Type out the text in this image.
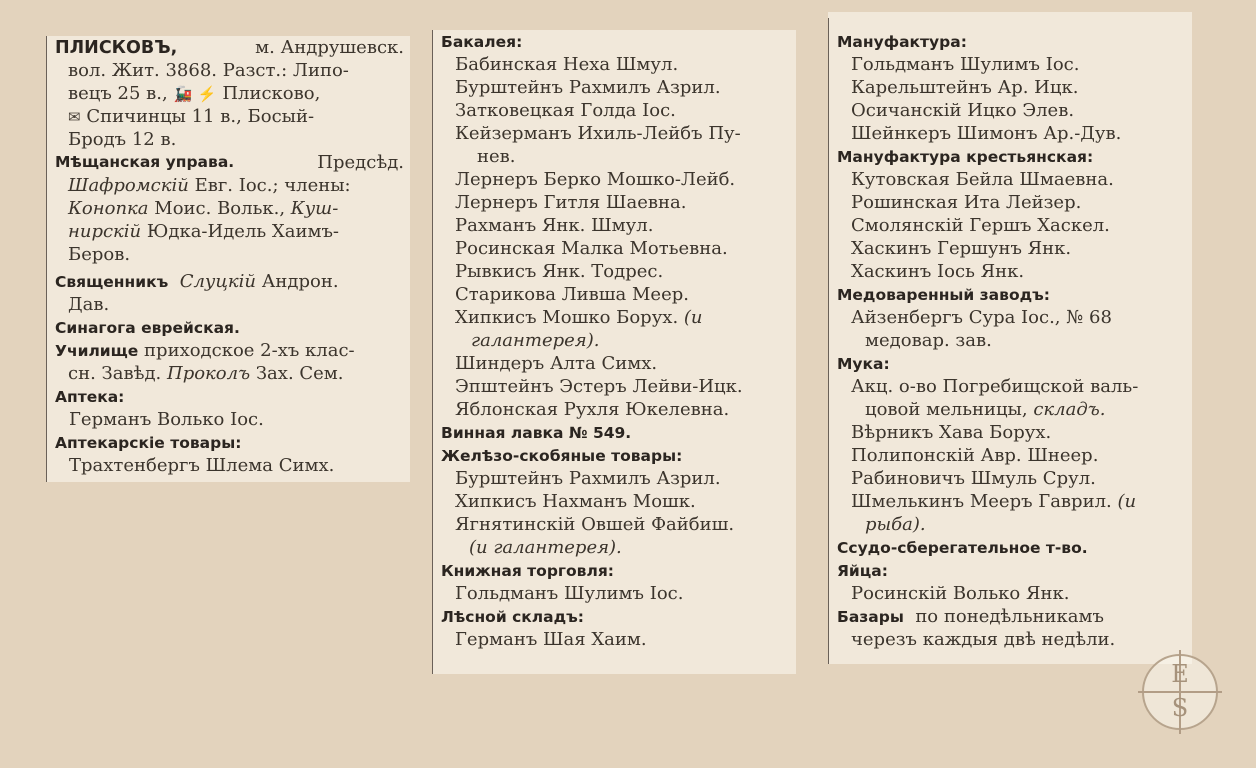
ПЛИСКОВЪ,	м. Андрушевск.
вол. Жит. 3868. Разст.: Липо-
вецъ 25 в., 🚂 ⚡ Плисково,
✉ Спичинцы 11 в., Босый-
Бродъ 12 в.
Мѣщанская управа.	Предсѣд.
Шафромскій Евг. Іос.; члены:
Конопка Моис. Вольк., Куш-
нирскій Юдка-Идель Хаимъ-
Беров.
Священникъ Слуцкій Андрон.
Дав.
Синагога еврейская.
Училище приходское 2-хъ клас-
сн. Завѣд. Проколъ Зах. Сем.
Аптека:
Германъ Волько Іос.
Аптекарскіе товары:
Трахтенбергъ Шлема Симх.
Бакалея:
Бабинская Неха Шмул.
Бурштейнъ Рахмилъ Азрил.
Затковецкая Голда Іос.
Кейзерманъ Ихиль-Лейбъ Пу-
нев.
Лернеръ Берко Мошко-Лейб.
Лернеръ Гитля Шаевна.
Рахманъ Янк. Шмул.
Росинская Малка Мотьевна.
Рывкисъ Янк. Тодрес.
Старикова Ливша Меер.
Хипкисъ Мошко Борух. (и
галантерея).
Шиндеръ Алта Симх.
Эпштейнъ Эстеръ Лейви-Ицк.
Яблонская Рухля Юкелевна.
Винная лавка № 549.
Желѣзо-скобяные товары:
Бурштейнъ Рахмилъ Азрил.
Хипкисъ Нахманъ Мошк.
Ягнятинскій Овшей Файбиш.
(и галантерея).
Книжная торговля:
Гольдманъ Шулимъ Іос.
Лѣсной складъ:
Германъ Шая Хаим.
Мануфактура:
Гольдманъ Шулимъ Іос.
Карельштейнъ Ар. Ицк.
Осичанскій Ицко Элев.
Шейнкеръ Шимонъ Ар.-Дув.
Мануфактура крестьянская:
Кутовская Бейла Шмаевна.
Рошинская Ита Лейзер.
Смолянскій Гершъ Хаскел.
Хаскинъ Гершунъ Янк.
Хаскинъ Іось Янк.
Медоваренный заводъ:
Айзенбергъ Сура Іос., № 68
медовар. зав.
Мука:
Акц. о-во Погребищской валь-
цовой мельницы, складъ.
Вѣрникъ Хава Борух.
Полипонскій Авр. Шнеер.
Рабиновичъ Шмуль Срул.
Шмелькинъ Мееръ Гаврил. (и
рыба).
Ссудо-сберегательное т-во.
Яйца:
Росинскій Волько Янк.
Базары по понедѣльникамъ
черезъ каждыя двѣ недѣли.
E
S
